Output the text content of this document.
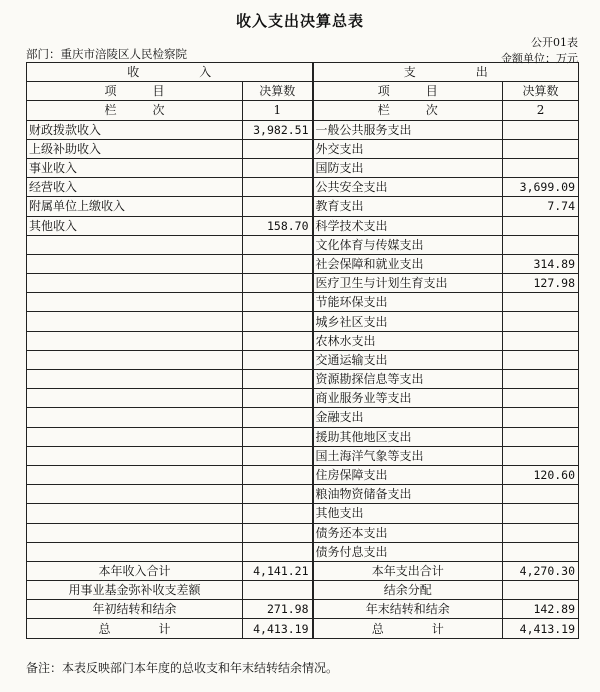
收入支出决算总表
公开01表
部门：重庆市涪陵区人民检察院	金额单位：万元
收　　　　　入		支　　　　　出	
项　　　目	决算数	项　　　目	决算数
栏　　　次	1	栏　　　次	2
财政拨款收入	3,982.51	一般公共服务支出	
上级补助收入		外交支出	
事业收入		国防支出	
经营收入		公共安全支出	3,699.09
附属单位上缴收入		教育支出	7.74
其他收入	158.70	科学技术支出	
		文化体育与传媒支出	
		社会保障和就业支出	314.89
		医疗卫生与计划生育支出	127.98
		节能环保支出	
		城乡社区支出	
		农林水支出	
		交通运输支出	
		资源勘探信息等支出	
		商业服务业等支出	
		金融支出	
		援助其他地区支出	
		国土海洋气象等支出	
		住房保障支出	120.60
		粮油物资储备支出	
		其他支出	
		债务还本支出	
		债务付息支出	
本年收入合计	4,141.21	本年支出合计	4,270.30
用事业基金弥补收支差额		结余分配	
年初结转和结余	271.98	年末结转和结余	142.89
总　　　　计	4,413.19	总　　　　计	4,413.19
备注：本表反映部门本年度的总收支和年末结转结余情况。
